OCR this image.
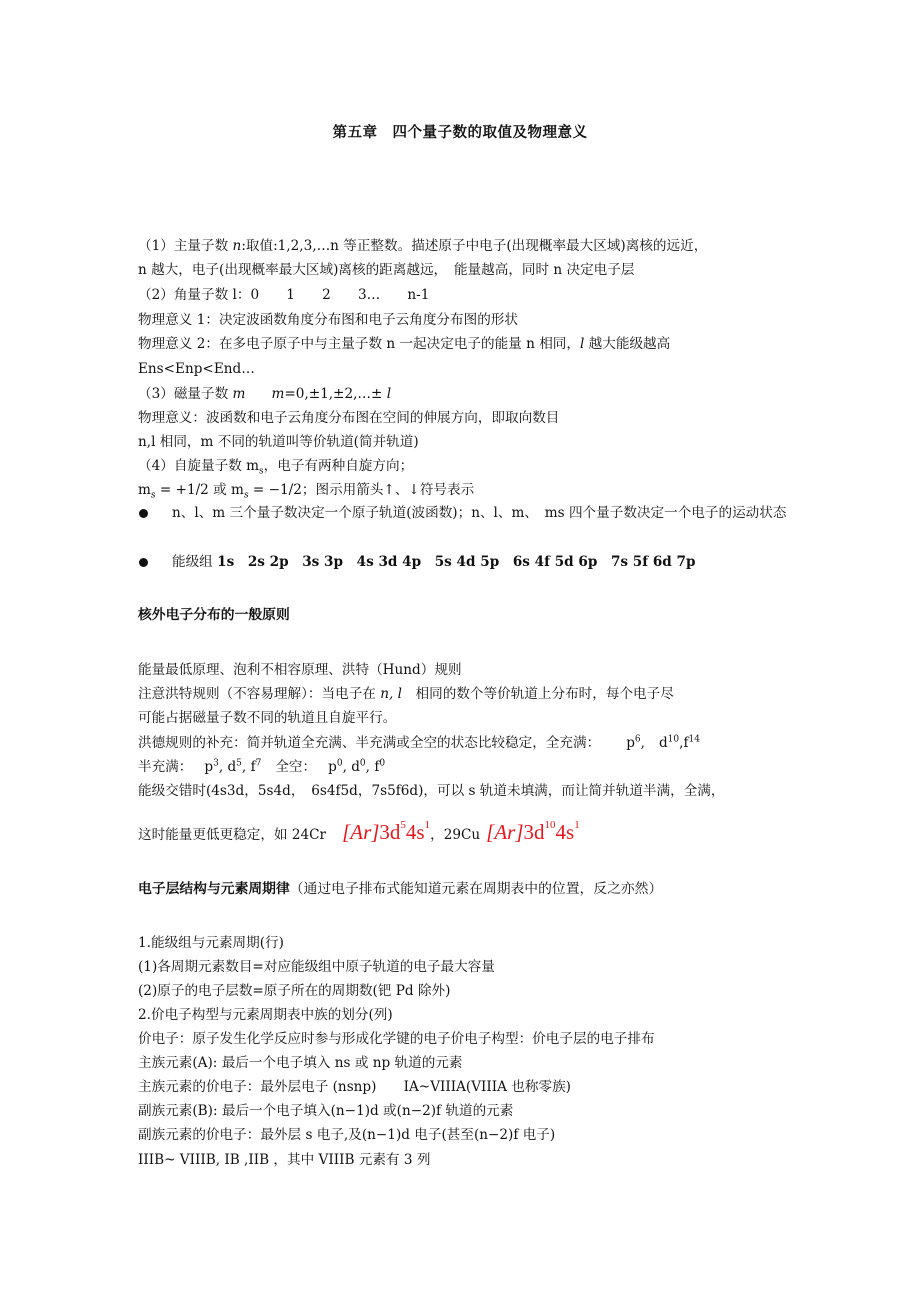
第五章　四个量子数的取值及物理意义
（1）主量子数 n:取值:1,2,3,…n 等正整数。描述原子中电子(出现概率最大区域)离核的远近，
n 越大，电子(出现概率最大区域)离核的距离越远，　能量越高，同时 n 决定电子层
（2）角量子数 l：0　　1　　2　　3…　　n-1
物理意义 1：决定波函数角度分布图和电子云角度分布图的形状
物理意义 2：在多电子原子中与主量子数 n 一起决定电子的能量 n 相同，l 越大能级越高
Ens<Enp<End…
（3）磁量子数 m m=0,±1,±2,…± l
物理意义：波函数和电子云角度分布图在空间的伸展方向，即取向数目
n,l 相同，m 不同的轨道叫等价轨道(简并轨道)
（4）自旋量子数 $m_s$，电子有两种自旋方向；
$m_s = +1/2$ 或 $m_s = -1/2$；图示用箭头↑、↓符号表示
n、l、m 三个量子数决定一个原子轨道(波函数)；n、l、m、　ms 四个量子数决定一个电子的运动状态
能级组 1s　2s 2p　3s 3p　4s 3d 4p　5s 4d 5p　6s 4f 5d 6p　7s 5f 6d 7p
核外电子分布的一般原则
能量最低原理、泡利不相容原理、洪特（Hund）规则
注意洪特规则（不容易理解）：当电子在 n, l　相同的数个等价轨道上分布时，每个电子尽
可能占据磁量子数不同的轨道且自旋平行。
洪德规则的补充：简并轨道全充满、半充满或全空的状态比较稳定，全充满： $p^6$, $d^{10},f^{14}$
半充满： $p^3$, $d^5$, $f^7$ 全空： $p^0$, $d^0$, $f^0$
能级交错时(4s3d，5s4d，　6s4f5d，7s5f6d)，可以 s 轨道未填满，而让简并轨道半满，全满，
这时能量更低更稳定，如 24Cr $[Ar]3d^54s^1$，29Cu $[Ar]3d^{10}4s^1$
电子层结构与元素周期律（通过电子排布式能知道元素在周期表中的位置，反之亦然）
1.能级组与元素周期(行)
(1)各周期元素数目=对应能级组中原子轨道的电子最大容量
(2)原子的电子层数=原子所在的周期数(钯 Pd 除外)
2.价电子构型与元素周期表中族的划分(列)
价电子：原子发生化学反应时参与形成化学键的电子价电子构型：价电子层的电子排布
主族元素(A): 最后一个电子填入 ns 或 np 轨道的元素
主族元素的价电子：最外层电子 (nsnp)　　IA~VIIIA(VIIIA 也称零族)
副族元素(B): 最后一个电子填入(n−1)d 或(n−2)f 轨道的元素
副族元素的价电子：最外层 s 电子,及(n−1)d 电子(甚至(n−2)f 电子)
IIIB~ VIIIB, ⅠB ,IIB ，其中 VIIIB 元素有 3 列
